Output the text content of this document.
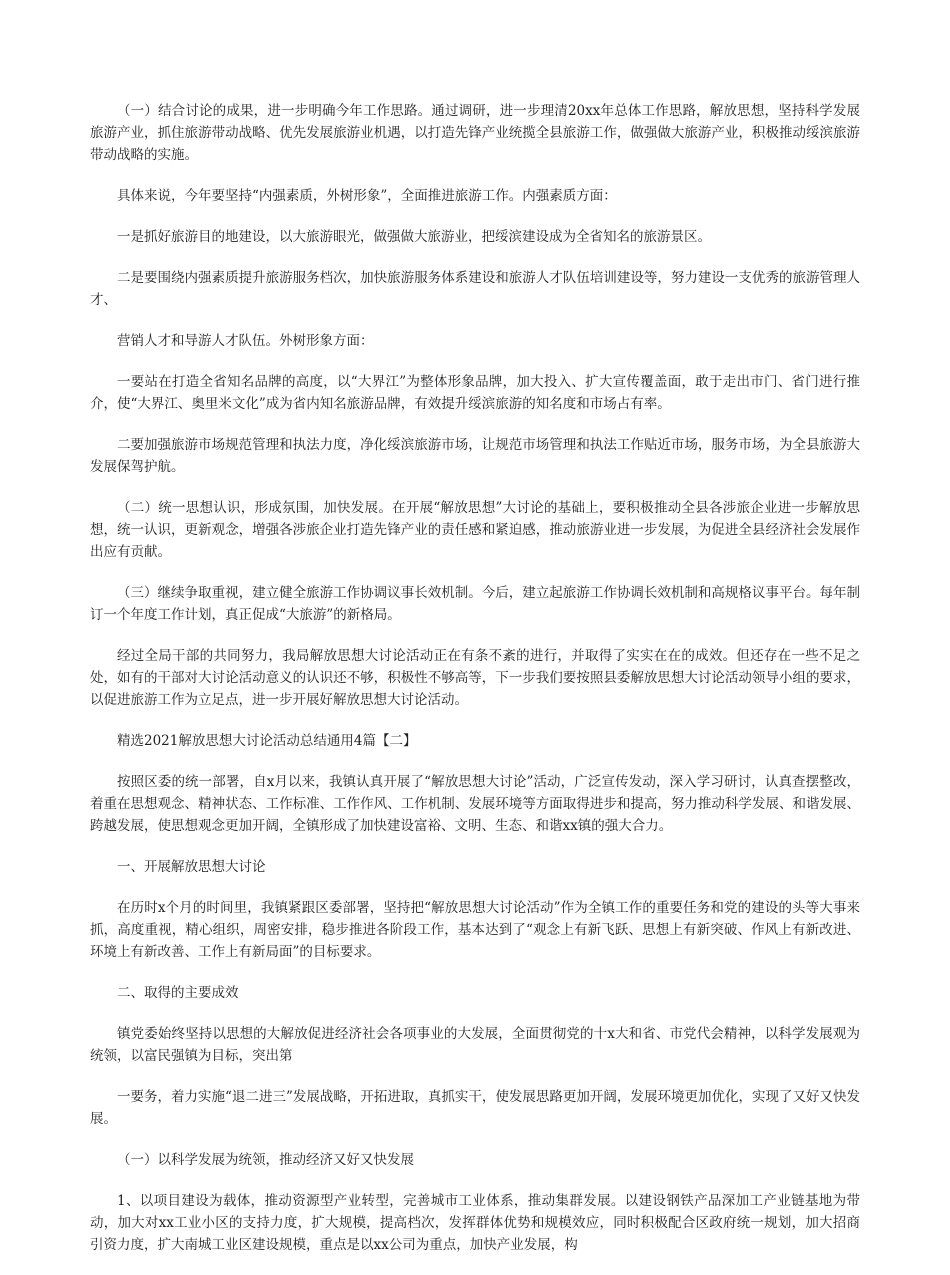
（一）结合讨论的成果，进一步明确今年工作思路。通过调研，进一步理清20xx年总体工作思路，解放思想，坚持科学发展旅游产业，抓住旅游带动战略、优先发展旅游业机遇，以打造先锋产业统揽全县旅游工作，做强做大旅游产业，积极推动绥滨旅游带动战略的实施。

具体来说，今年要坚持“内强素质，外树形象”，全面推进旅游工作。内强素质方面：

一是抓好旅游目的地建设，以大旅游眼光，做强做大旅游业，把绥滨建设成为全省知名的旅游景区。

二是要围绕内强素质提升旅游服务档次，加快旅游服务体系建设和旅游人才队伍培训建设等，努力建设一支优秀的旅游管理人才、

营销人才和导游人才队伍。外树形象方面：

一要站在打造全省知名品牌的高度，以“大界江”为整体形象品牌，加大投入、扩大宣传覆盖面，敢于走出市门、省门进行推介，使“大界江、奥里米文化”成为省内知名旅游品牌，有效提升绥滨旅游的知名度和市场占有率。

二要加强旅游市场规范管理和执法力度，净化绥滨旅游市场，让规范市场管理和执法工作贴近市场，服务市场，为全县旅游大发展保驾护航。

（二）统一思想认识，形成氛围，加快发展。在开展“解放思想”大讨论的基础上，要积极推动全县各涉旅企业进一步解放思想，统一认识，更新观念，增强各涉旅企业打造先锋产业的责任感和紧迫感，推动旅游业进一步发展，为促进全县经济社会发展作出应有贡献。

（三）继续争取重视，建立健全旅游工作协调议事长效机制。今后，建立起旅游工作协调长效机制和高规格议事平台。每年制订一个年度工作计划，真正促成“大旅游”的新格局。

经过全局干部的共同努力，我局解放思想大讨论活动正在有条不紊的进行，并取得了实实在在的成效。但还存在一些不足之处，如有的干部对大讨论活动意义的认识还不够，积极性不够高等，下一步我们要按照县委解放思想大讨论活动领导小组的要求，以促进旅游工作为立足点，进一步开展好解放思想大讨论活动。

精选2021解放思想大讨论活动总结通用4篇【二】

按照区委的统一部署，自x月以来，我镇认真开展了“解放思想大讨论”活动，广泛宣传发动，深入学习研讨，认真查摆整改，着重在思想观念、精神状态、工作标准、工作作风、工作机制、发展环境等方面取得进步和提高，努力推动科学发展、和谐发展、跨越发展，使思想观念更加开阔，全镇形成了加快建设富裕、文明、生态、和谐xx镇的强大合力。

一、开展解放思想大讨论

在历时x个月的时间里，我镇紧跟区委部署，坚持把“解放思想大讨论活动”作为全镇工作的重要任务和党的建设的头等大事来抓，高度重视，精心组织，周密安排，稳步推进各阶段工作，基本达到了“观念上有新飞跃、思想上有新突破、作风上有新改进、环境上有新改善、工作上有新局面”的目标要求。

二、取得的主要成效

镇党委始终坚持以思想的大解放促进经济社会各项事业的大发展，全面贯彻党的十x大和省、市党代会精神，以科学发展观为统领，以富民强镇为目标，突出第

一要务，着力实施“退二进三”发展战略，开拓进取，真抓实干，使发展思路更加开阔，发展环境更加优化，实现了又好又快发展。

（一）以科学发展为统领，推动经济又好又快发展

1、以项目建设为载体，推动资源型产业转型，完善城市工业体系，推动集群发展。以建设钢铁产品深加工产业链基地为带动，加大对xx工业小区的支持力度，扩大规模，提高档次，发挥群体优势和规模效应，同时积极配合区政府统一规划，加大招商引资力度，扩大南城工业区建设规模，重点是以xx公司为重点，加快产业发展，构
